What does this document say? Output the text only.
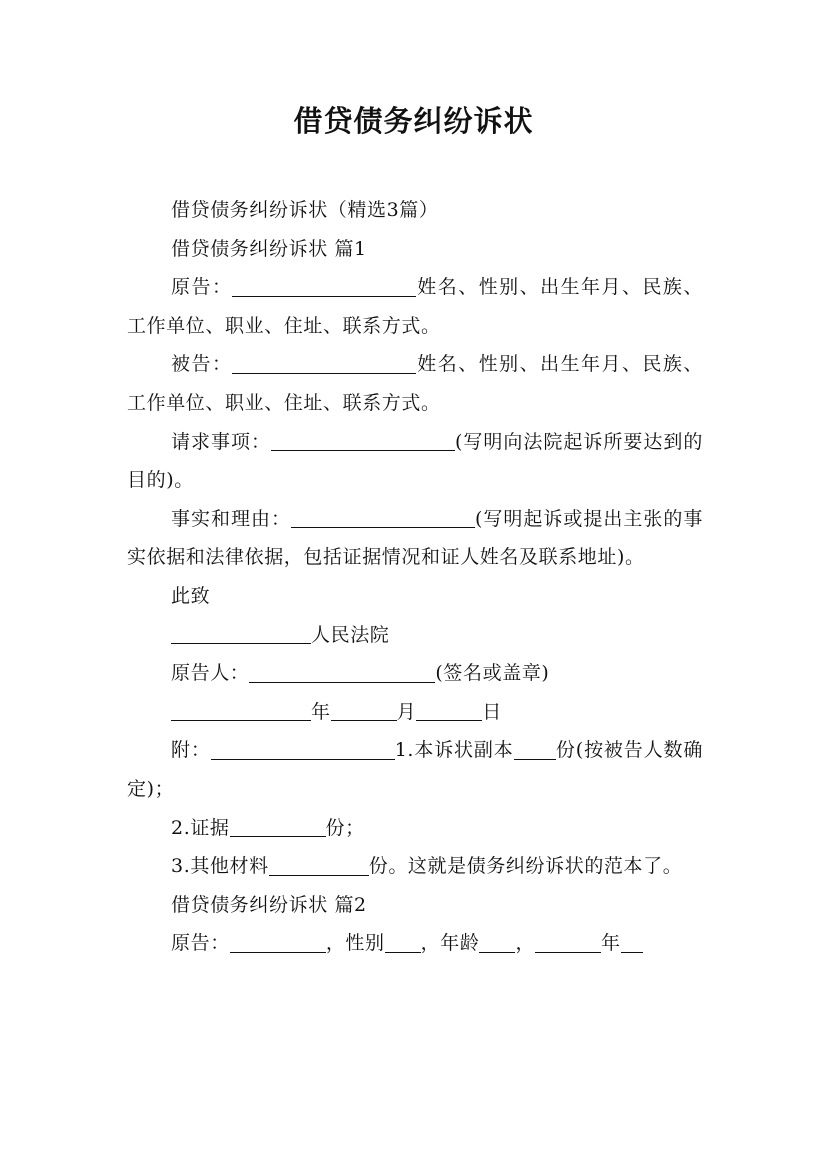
借贷债务纠纷诉状

借贷债务纠纷诉状（精选3篇）

借贷债务纠纷诉状 篇1

原告：	姓名、性别、出生年月、民族、工作单位、职业、住址、联系方式。

被告：	姓名、性别、出生年月、民族、工作单位、职业、住址、联系方式。

请求事项：	(写明向法院起诉所要达到的目的)。

事实和理由：	(写明起诉或提出主张的事实依据和法律依据，包括证据情况和证人姓名及联系地址)。

此致

人民法院

原告人：	(签名或盖章)

年	月	日

附：	1.本诉状副本 份(按被告人数确定)；

2.证据	份；

3.其他材料	份。这就是债务纠纷诉状的范本了。

借贷债务纠纷诉状 篇2

原告：	，性别 ，年龄 ，	年
